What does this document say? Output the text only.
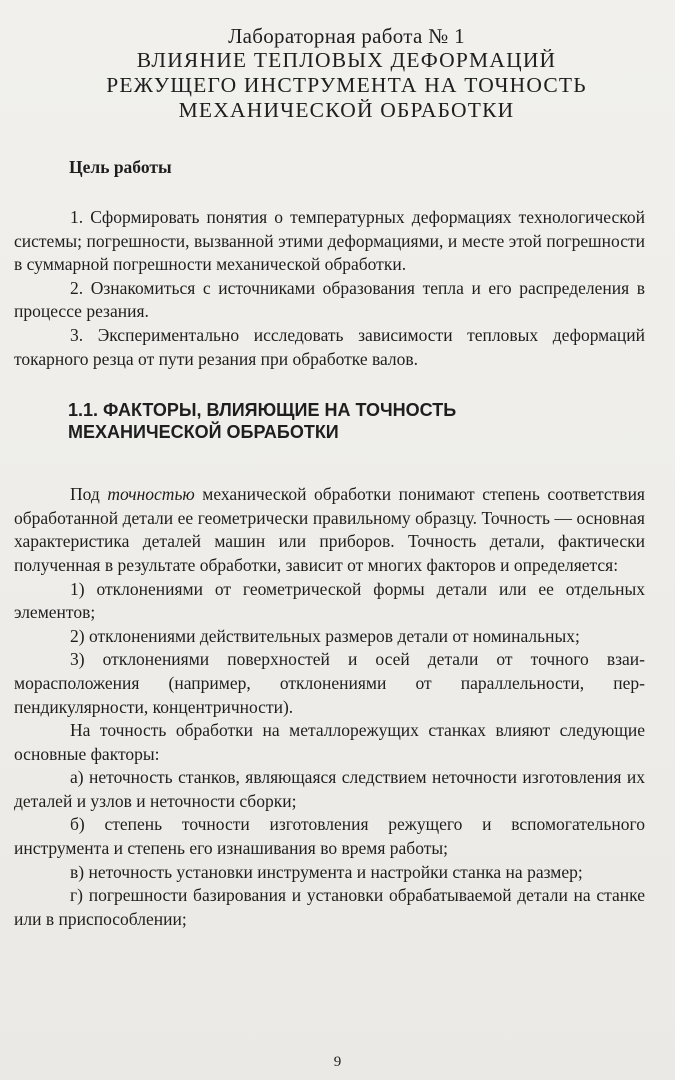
Лабораторная работа № 1
ВЛИЯНИЕ ТЕПЛОВЫХ ДЕФОРМАЦИЙ
РЕЖУЩЕГО ИНСТРУМЕНТА НА ТОЧНОСТЬ
МЕХАНИЧЕСКОЙ ОБРАБОТКИ
Цель работы

1. Сформировать понятия о температурных деформациях технологической системы; погрешности, вызванной этими деформациями, и месте этой погрешности в суммарной погрешности механической обработки.

2. Ознакомиться с источниками образования тепла и его распределения в процессе резания.

3. Экспериментально исследовать зависимости тепловых деформаций токарного резца от пути резания при обработке валов.

1.1. ФАКТОРЫ, ВЛИЯЮЩИЕ НА ТОЧНОСТЬ
МЕХАНИЧЕСКОЙ ОБРАБОТКИ

Под точностью механической обработки понимают степень соответствия обработанной детали ее геометрически правильному образцу. Точность — основная характеристика деталей машин или приборов. Точность детали, фактически полученная в результате обработки, зависит от многих факторов и определяется:

1) отклонениями от геометрической формы детали или ее отдельных элементов;

2) отклонениями действительных размеров детали от номинальных;

3) отклонениями поверхностей и осей детали от точного взаиморасположения (например, отклонениями от параллельности, перпендикулярности, концентричности).

На точность обработки на металлорежущих станках влияют следующие основные факторы:

а) неточность станков, являющаяся следствием неточности изготовления их деталей и узлов и неточности сборки;

б) степень точности изготовления режущего и вспомогательного инструмента и степень его изнашивания во время работы;

в) неточность установки инструмента и настройки станка на размер;

г) погрешности базирования и установки обрабатываемой детали на станке или в приспособлении;

9
